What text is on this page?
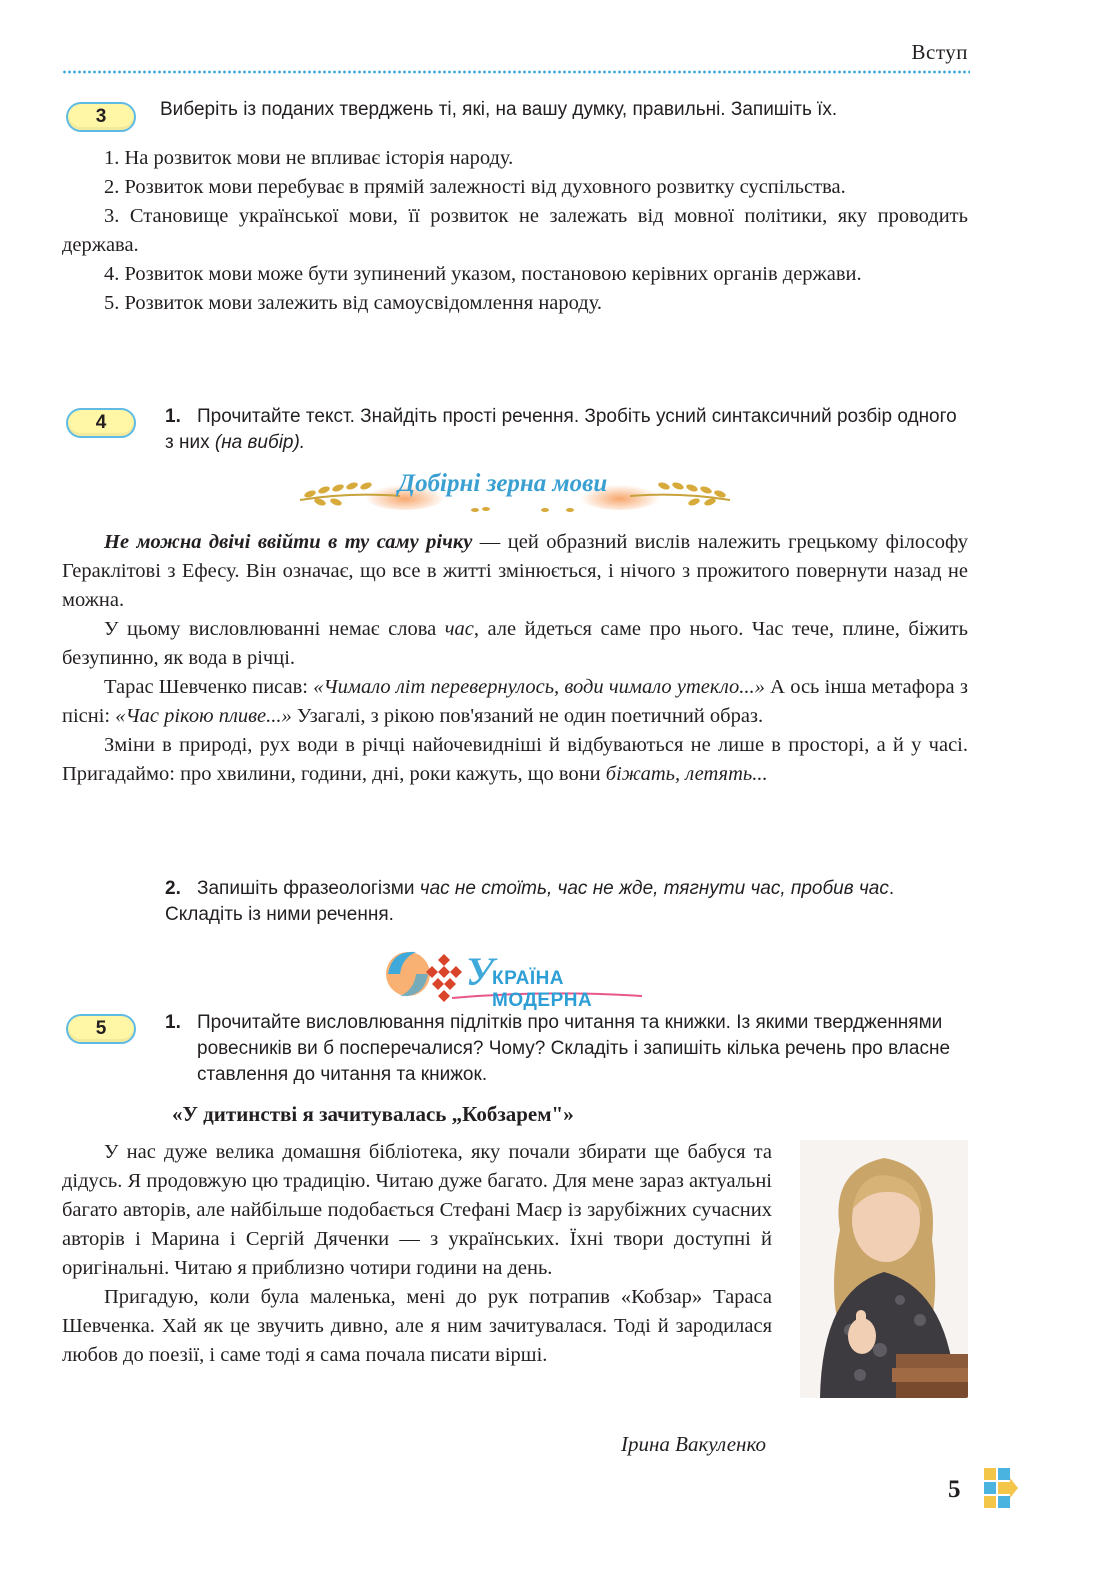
Вступ
3	Виберіть із поданих тверджень ті, які, на вашу думку, правильні. Запишіть їх.

1. На розвиток мови не впливає історія народу.

2. Розвиток мови перебуває в прямій залежності від духовного розвитку суспільства.

3. Становище української мови, її розвиток не залежать від мовної політики, яку проводить держава.

4. Розвиток мови може бути зупинений указом, постановою керівних органів держави.

5. Розвиток мови залежить від самоусвідомлення народу.

4	1. Прочитайте текст. Знайдіть прості речення. Зробіть усний синтаксичний розбір одного з них (на вибір).
Добірні зерна мови

Не можна двічі ввійти в ту саму річку — цей образний вислів належить грецькому філософу Гераклітові з Ефесу. Він означає, що все в житті змінюється, і нічого з прожитого повернути назад не можна.

У цьому висловлюванні немає слова час, але йдеться саме про нього. Час тече, плине, біжить безупинно, як вода в річці.

Тарас Шевченко писав: «Чимало літ перевернулось, води чимало утекло...» А ось інша метафора з пісні: «Час рікою пливе...» Узагалі, з рікою пов'язаний не один поетичний образ.

Зміни в природі, рух води в річці найочевидніші й відбуваються не лише в просторі, а й у часі. Пригадаймо: про хвилини, години, дні, роки кажуть, що вони біжать, летять...

2. Запишіть фразеологізми час не стоїть, час не жде, тягнути час, пробив час. Складіть із ними речення.
У
КРАЇНА МОДЕРНА
5	1. Прочитайте висловлювання підлітків про читання та книжки. Із якими твердженнями ровесників ви б посперечалися? Чому? Складіть і запишіть кілька речень про власне ставлення до читання та книжок.
«У дитинстві я зачитувалась „Кобзарем"»

У нас дуже велика домашня бібліотека, яку почали збирати ще бабуся та дідусь. Я продовжую цю традицію. Читаю дуже багато. Для мене зараз актуальні багато авторів, але найбільше подобається Стефані Маєр із зарубіжних сучасних авторів і Марина і Сергій Дяченки — з українських. Їхні твори доступні й оригінальні. Читаю я приблизно чотири години на день.

Пригадую, коли була маленька, мені до рук потрапив «Кобзар» Тараса Шевченка. Хай як це звучить дивно, але я ним зачитувалася. Тоді й зародилася любов до поезії, і саме тоді я сама почала писати вірші.

Ірина Вакуленко
5
